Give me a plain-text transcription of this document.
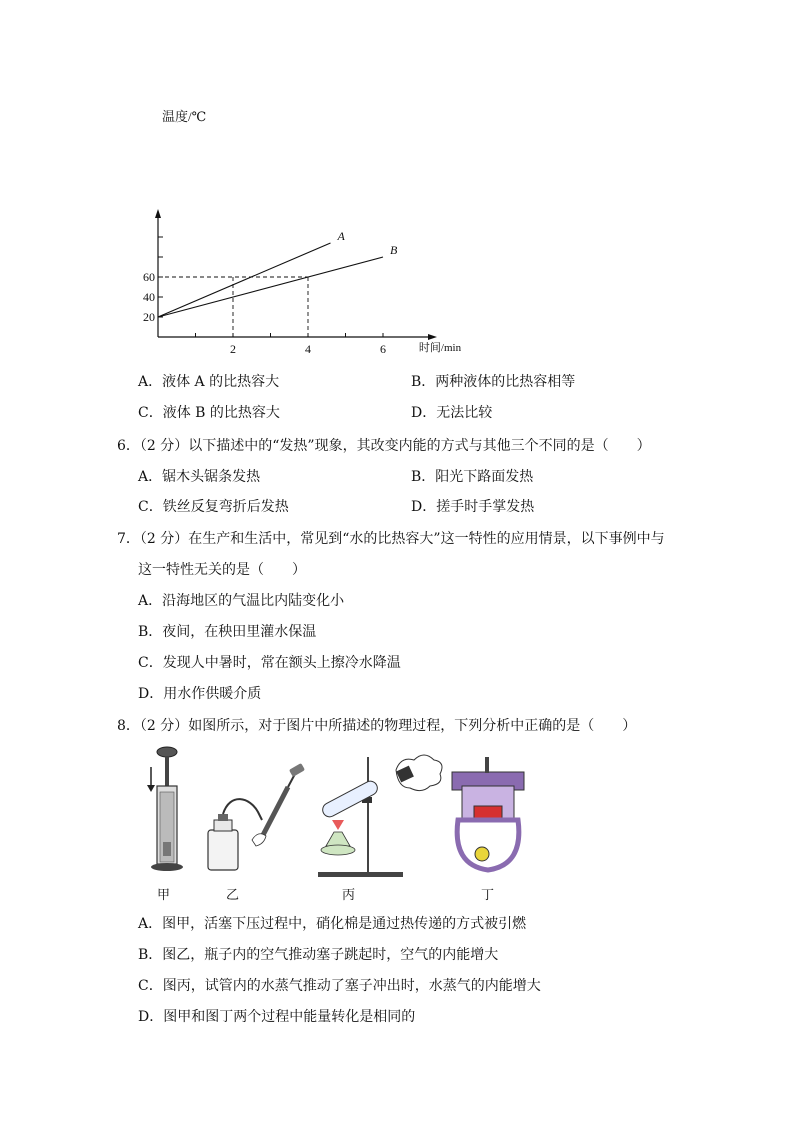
20
40
60
2	4	6
温度/℃
时间/min
A
B
A．液体 A 的比热容大	B．两种液体的比热容相等
C．液体 B 的比热容大	D．无法比较
6．（2 分）以下描述中的“发热”现象，其改变内能的方式与其他三个不同的是（　　）
A．锯木头锯条发热	B．阳光下路面发热
C．铁丝反复弯折后发热	D．搓手时手掌发热
7．（2 分）在生产和生活中，常见到“水的比热容大”这一特性的应用情景，以下事例中与
这一特性无关的是（　　）
A．沿海地区的气温比内陆变化小
B．夜间，在秧田里灌水保温
C．发现人中暑时，常在额头上擦冷水降温
D．用水作供暖介质
8．（2 分）如图所示，对于图片中所描述的物理过程，下列分析中正确的是（　　）
甲	乙	丙	丁
A．图甲，活塞下压过程中，硝化棉是通过热传递的方式被引燃
B．图乙，瓶子内的空气推动塞子跳起时，空气的内能增大
C．图丙，试管内的水蒸气推动了塞子冲出时，水蒸气的内能增大
D．图甲和图丁两个过程中能量转化是相同的
